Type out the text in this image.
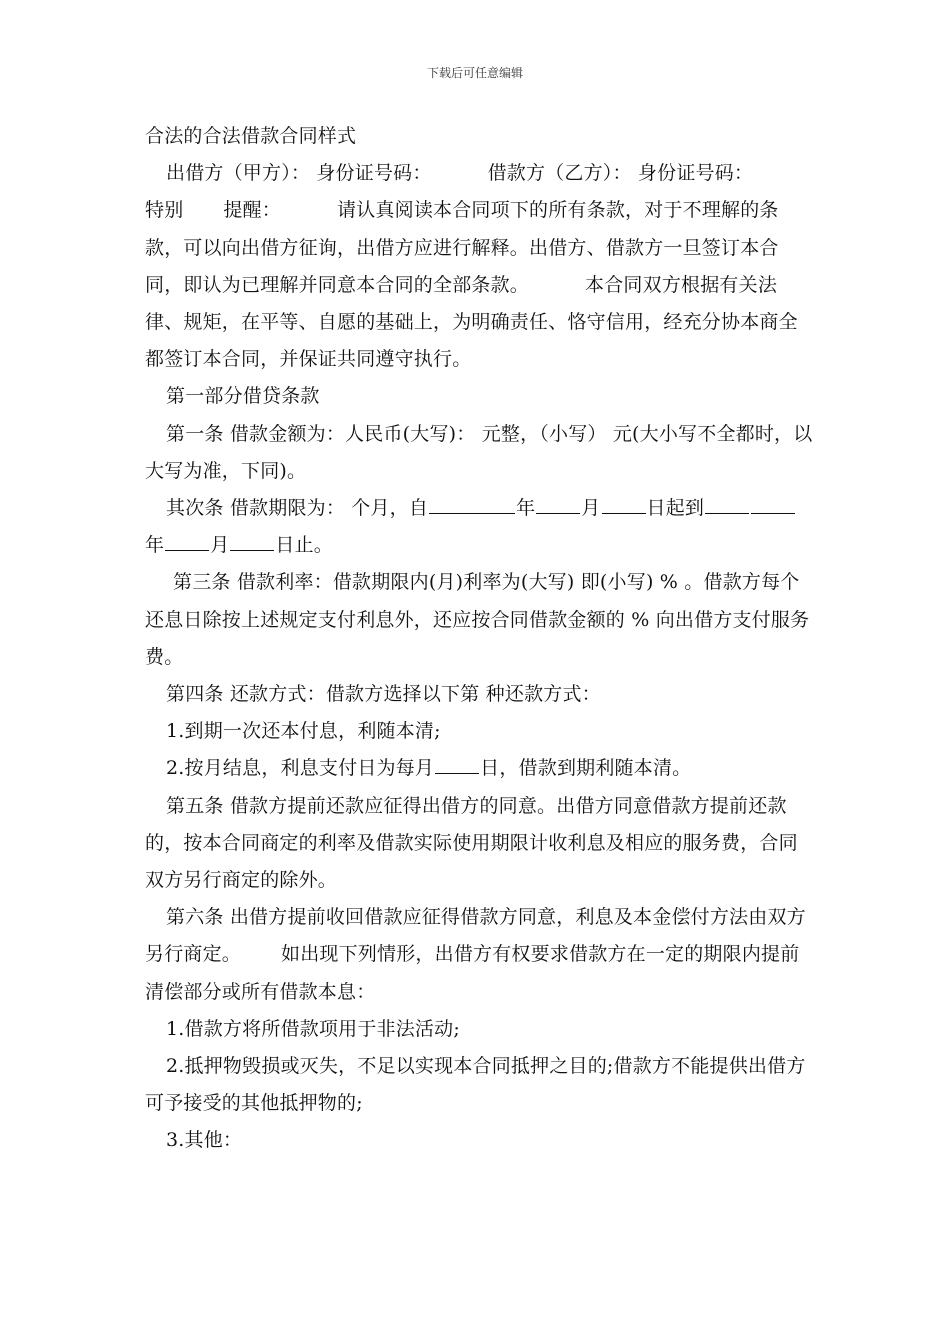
下载后可任意编辑

合法的合法借款合同样式

出借方（甲方）： 身份证号码：	借款方（乙方）： 身份证号码：特别 提醒：	请认真阅读本合同项下的所有条款，对于不理解的条款，可以向出借方征询，出借方应进行解释。出借方、借款方一旦签订本合同，即认为已理解并同意本合同的全部条款。	本合同双方根据有关法律、规矩，在平等、自愿的基础上，为明确责任、恪守信用，经充分协本商全都签订本合同，并保证共同遵守执行。

第一部分借贷条款

第一条 借款金额为：人民币(大写)： 元整，（小写） 元(大小写不全都时，以大写为准，下同)。

其次条 借款期限为： 个月，自	年 月 日起到年 月 日止。

第三条 借款利率：借款期限内(月)利率为(大写) 即(小写) % 。借款方每个还息日除按上述规定支付利息外，还应按合同借款金额的 % 向出借方支付服务费。

第四条 还款方式：借款方选择以下第 种还款方式：

1.到期一次还本付息，利随本清;

2.按月结息，利息支付日为每月 日，借款到期利随本清。

第五条 借款方提前还款应征得出借方的同意。出借方同意借款方提前还款的，按本合同商定的利率及借款实际使用期限计收利息及相应的服务费，合同双方另行商定的除外。

第六条 出借方提前收回借款应征得借款方同意，利息及本金偿付方法由双方另行商定。 如出现下列情形，出借方有权要求借款方在一定的期限内提前清偿部分或所有借款本息：

1.借款方将所借款项用于非法活动;

2.抵押物毁损或灭失，不足以实现本合同抵押之目的;借款方不能提供出借方可予接受的其他抵押物的;

3.其他：
